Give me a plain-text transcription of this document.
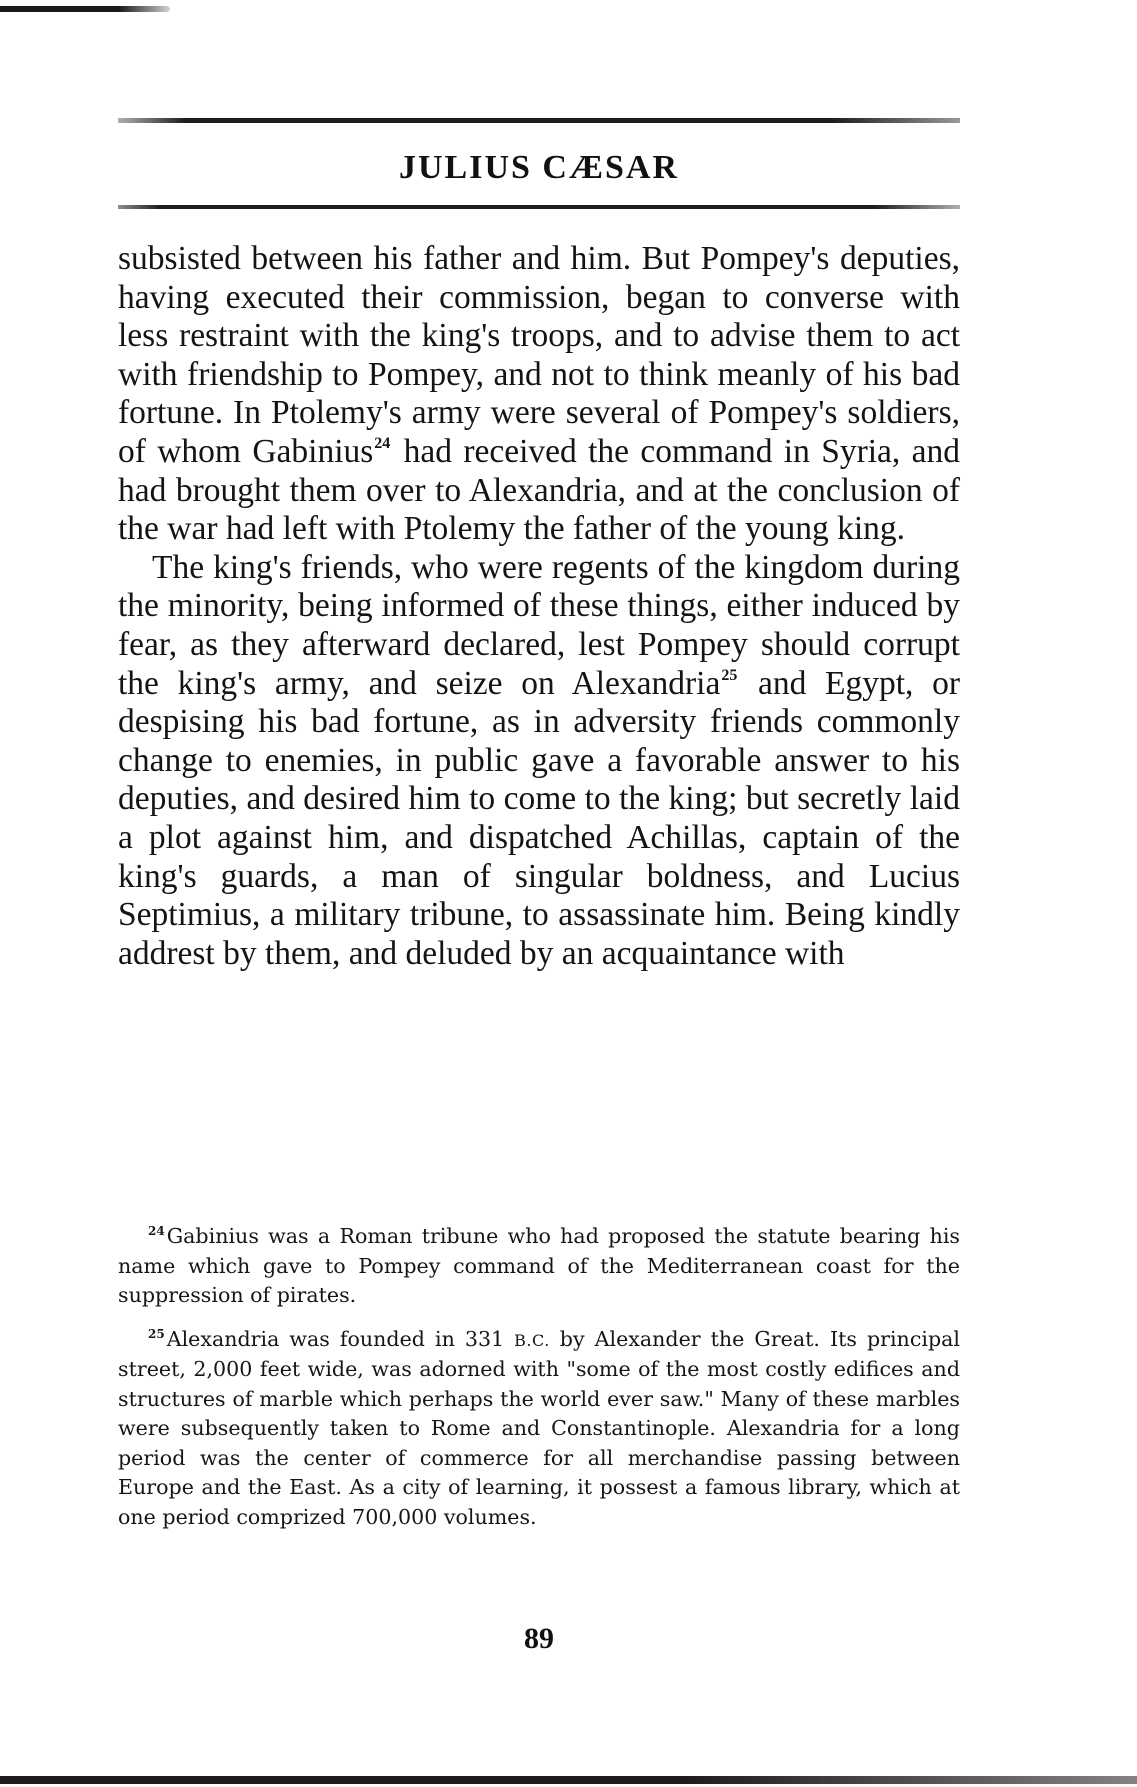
JULIUS CÆSAR

subsisted between his father and him. But Pompey's deputies, having executed their commission, began to converse with less restraint with the king's troops, and to advise them to act with friendship to Pompey, and not to think meanly of his bad fortune. In Ptolemy's army were several of Pompey's soldiers, of whom Gabinius$^{24}$ had received the command in Syria, and had brought them over to Alexandria, and at the conclusion of the war had left with Ptolemy the father of the young king.

The king's friends, who were regents of the kingdom during the minority, being informed of these things, either induced by fear, as they afterward declared, lest Pompey should corrupt the king's army, and seize on Alexandria$^{25}$ and Egypt, or despising his bad fortune, as in adversity friends commonly change to enemies, in public gave a favorable answer to his deputies, and desired him to come to the king; but secretly laid a plot against him, and dispatched Achillas, captain of the king's guards, a man of singular boldness, and Lucius Septimius, a military tribune, to assassinate him. Being kindly addrest by them, and deluded by an acquaintance with

$^{24}$Gabinius was a Roman tribune who had proposed the statute bearing his name which gave to Pompey command of the Mediterranean coast for the suppression of pirates.

$^{25}$Alexandria was founded in 331 B.C. by Alexander the Great. Its principal street, 2,000 feet wide, was adorned with "some of the most costly edifices and structures of marble which perhaps the world ever saw." Many of these marbles were subsequently taken to Rome and Constantinople. Alexandria for a long period was the center of commerce for all merchandise passing between Europe and the East. As a city of learning, it possest a famous library, which at one period comprized 700,000 volumes.

89
